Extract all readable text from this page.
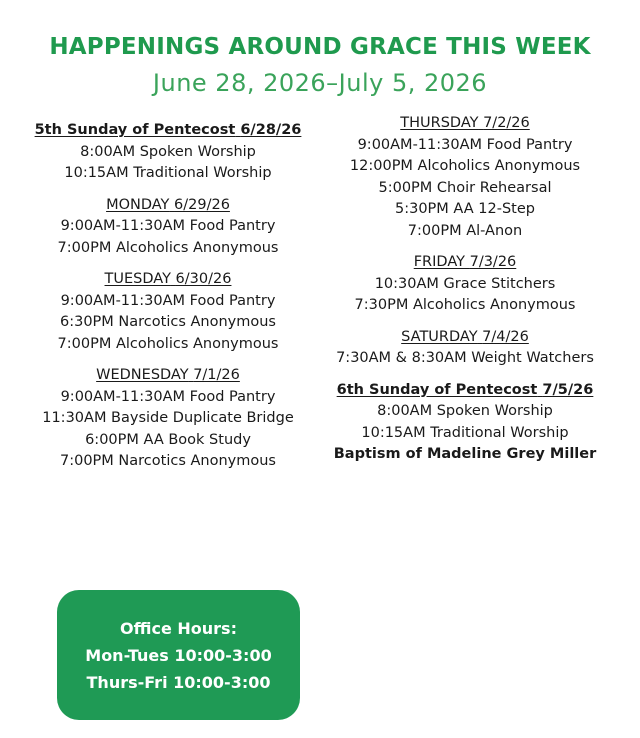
HAPPENINGS AROUND GRACE THIS WEEK
June 28, 2026–July 5, 2026
5th Sunday of Pentecost 6/28/26
8:00AM Spoken Worship
10:15AM Traditional Worship
MONDAY 6/29/26
9:00AM-11:30AM Food Pantry
7:00PM Alcoholics Anonymous
TUESDAY 6/30/26
9:00AM-11:30AM Food Pantry
6:30PM Narcotics Anonymous
7:00PM Alcoholics Anonymous
WEDNESDAY 7/1/26
9:00AM-11:30AM Food Pantry
11:30AM Bayside Duplicate Bridge
6:00PM AA Book Study
7:00PM Narcotics Anonymous
THURSDAY 7/2/26
9:00AM-11:30AM Food Pantry
12:00PM Alcoholics Anonymous
5:00PM Choir Rehearsal
5:30PM AA 12-Step
7:00PM Al-Anon
FRIDAY 7/3/26
10:30AM Grace Stitchers
7:30PM Alcoholics Anonymous
SATURDAY 7/4/26
7:30AM & 8:30AM Weight Watchers
6th Sunday of Pentecost 7/5/26
8:00AM Spoken Worship
10:15AM Traditional Worship
Baptism of Madeline Grey Miller
Office Hours:
Mon-Tues 10:00-3:00
Thurs-Fri 10:00-3:00
